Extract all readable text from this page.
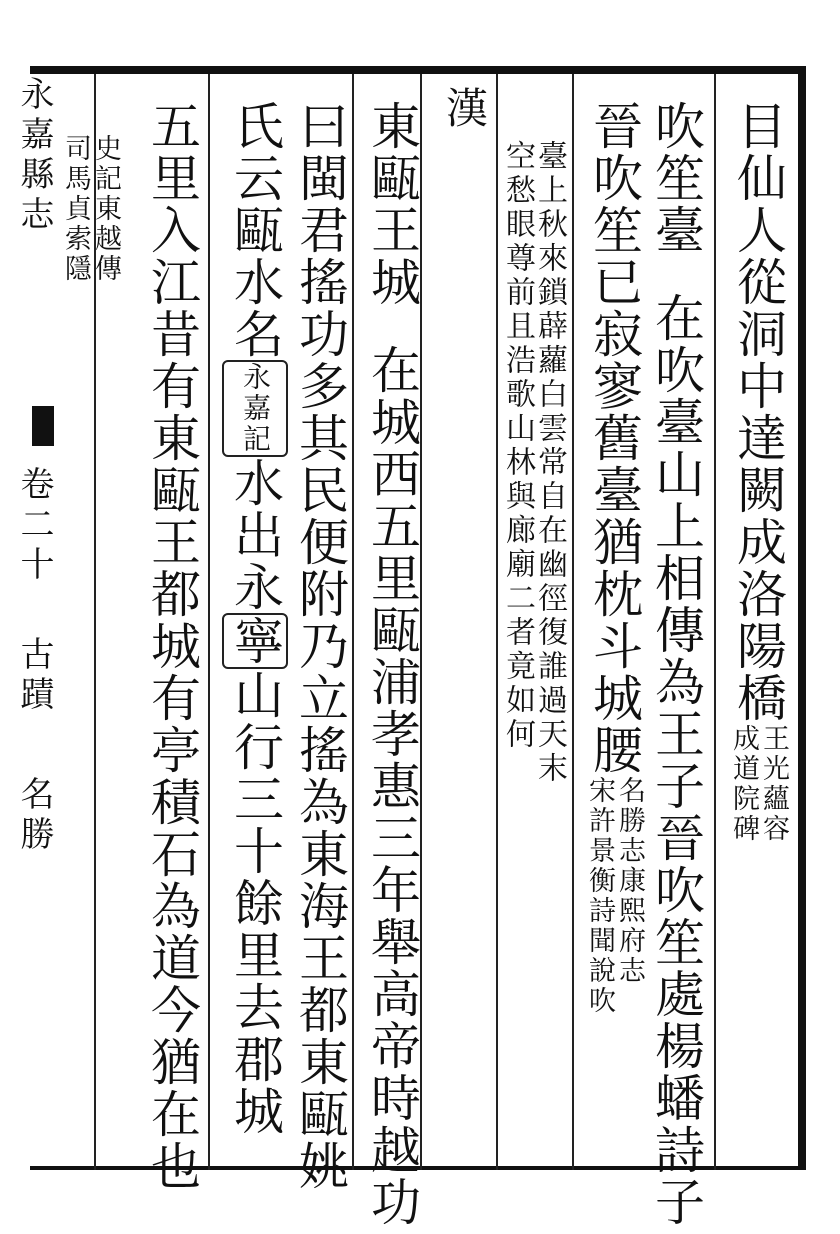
永嘉縣志
卷二十
古蹟
名勝
目仙人從洞中達闕成洛陽橋
王光蘊容
成道院碑
吹笙臺在吹臺山上相傳為王子晉吹笙處楊蟠詩子
晉吹笙已寂寥舊臺猶枕斗城腰
名勝志康熙府志
宋許景衡詩聞說吹
臺上秋來鎖薜蘿白雲常自在幽徑復誰過天末
空愁眼尊前且浩歌山林與廊廟二者竟如何
漢
東甌王城在城西五里甌浦孝惠三年舉高帝時越功
曰閩君搖功多其民便附乃立搖為東海王都東甌姚
氏云甌水名永嘉記水出永寧山行三十餘里去郡城
五里入江昔有東甌王都城有亭積石為道今猶在也
史記東越傳
司馬貞索隱
